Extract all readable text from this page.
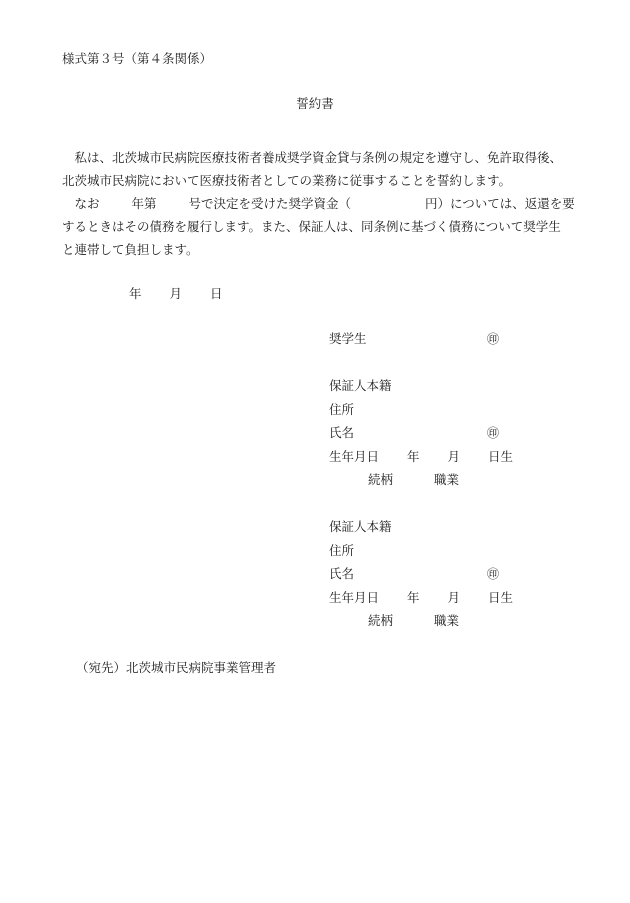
様式第３号（第４条関係）
誓約書

　私は、北茨城市民病院医療技術者養成奨学資金貸与条例の規定を遵守し、免許取得後、

北茨城市民病院において医療技術者としての業務に従事することを誓約します。

　なお	年第	号で決定を受けた奨学資金（	円）については、返還を要

するときはその債務を履行します。また、保証人は、同条例に基づく債務について奨学生

と連帯して負担します。

年 月 日
奨学生	㊞
保証人本籍
住所
氏名	㊞
生年月日 年 月 日生
続柄	職業
保証人本籍
住所
氏名	㊞
生年月日 年 月 日生
続柄	職業
（宛先）北茨城市民病院事業管理者
